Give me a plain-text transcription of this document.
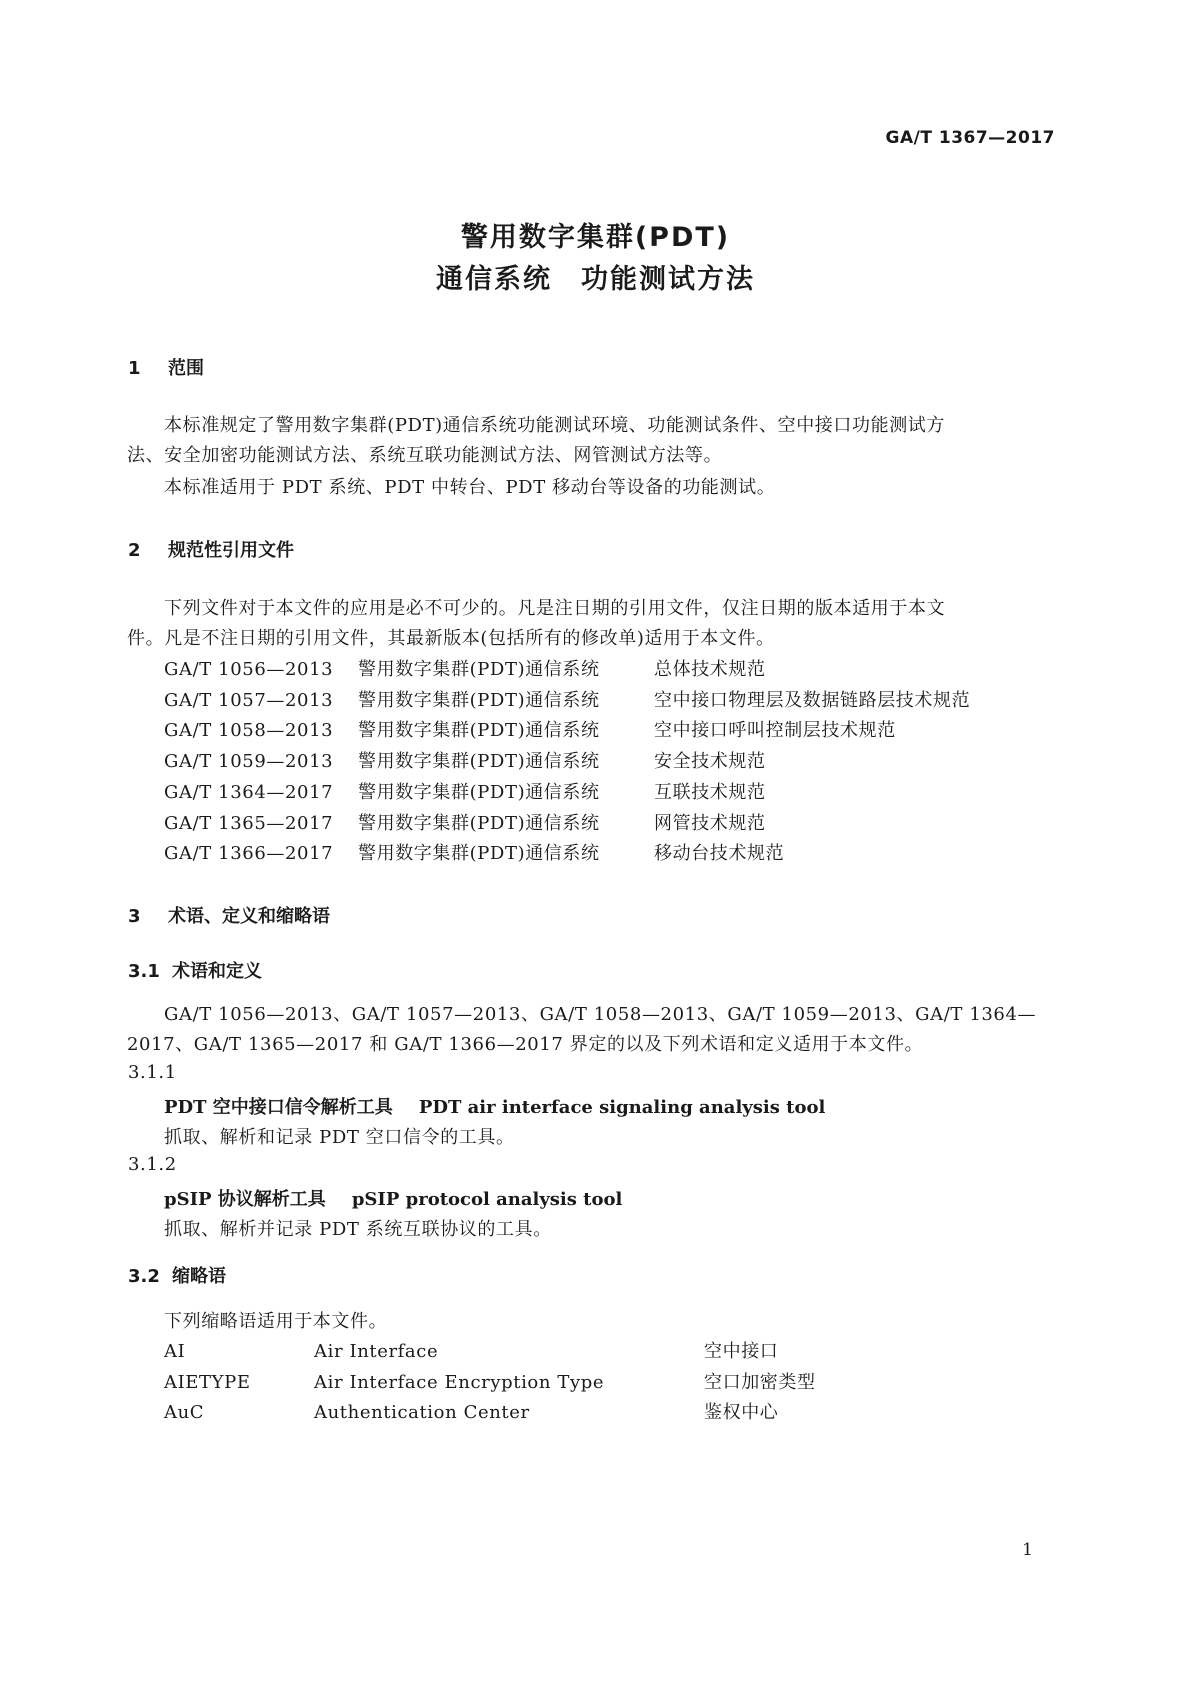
GA/T 1367—2017
警用数字集群(PDT)
通信系统　功能测试方法
1 范围
本标准规定了警用数字集群(PDT)通信系统功能测试环境、功能测试条件、空中接口功能测试方
法、安全加密功能测试方法、系统互联功能测试方法、网管测试方法等。
本标准适用于 PDT 系统、PDT 中转台、PDT 移动台等设备的功能测试。
2 规范性引用文件
下列文件对于本文件的应用是必不可少的。凡是注日期的引用文件，仅注日期的版本适用于本文
件。凡是不注日期的引用文件，其最新版本(包括所有的修改单)适用于本文件。
GA/T 1056—2013 警用数字集群(PDT)通信系统	总体技术规范
GA/T 1057—2013 警用数字集群(PDT)通信系统	空中接口物理层及数据链路层技术规范
GA/T 1058—2013 警用数字集群(PDT)通信系统	空中接口呼叫控制层技术规范
GA/T 1059—2013 警用数字集群(PDT)通信系统	安全技术规范
GA/T 1364—2017 警用数字集群(PDT)通信系统	互联技术规范
GA/T 1365—2017 警用数字集群(PDT)通信系统	网管技术规范
GA/T 1366—2017 警用数字集群(PDT)通信系统	移动台技术规范
3 术语、定义和缩略语
3.1 术语和定义
GA/T 1056—2013、GA/T 1057—2013、GA/T 1058—2013、GA/T 1059—2013、GA/T 1364—
2017、GA/T 1365—2017 和 GA/T 1366—2017 界定的以及下列术语和定义适用于本文件。
3.1.1
PDT 空中接口信令解析工具 PDT air interface signaling analysis tool
抓取、解析和记录 PDT 空口信令的工具。
3.1.2
pSIP 协议解析工具 pSIP protocol analysis tool
抓取、解析并记录 PDT 系统互联协议的工具。
3.2 缩略语
下列缩略语适用于本文件。
AI	Air Interface	空中接口
AIETYPE	Air Interface Encryption Type	空口加密类型
AuC	Authentication Center	鉴权中心
1
